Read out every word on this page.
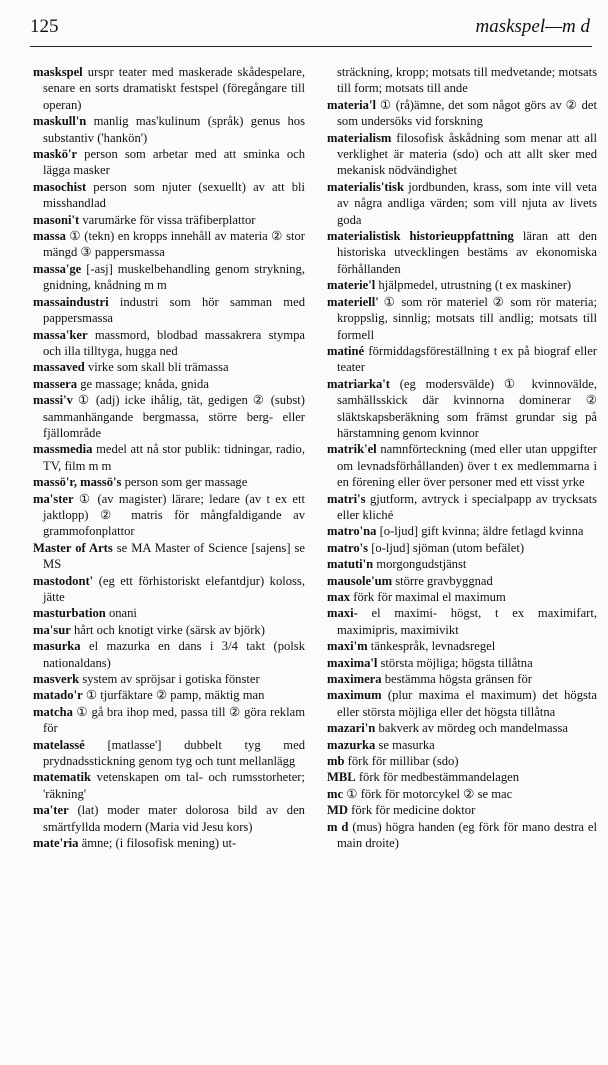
125	maskspel—m d

maskspel urspr teater med maskerade skådespelare, senare en sorts dramatiskt festspel (föregångare till operan)

maskull'n manlig mas'kulinum (språk) genus hos substantiv ('hankön')

maskö'r person som arbetar med att sminka och lägga masker

masochist person som njuter (sexuellt) av att bli misshandlad

masoni't varumärke för vissa träfiberplattor

massa ① (tekn) en kropps innehåll av materia ② stor mängd ③ pappersmassa

massa'ge [-asj] muskelbehandling genom strykning, gnidning, knådning m m

massaindustri industri som hör samman med pappersmassa

massa'ker massmord, blodbad massakrera stympa och illa tilltyga, hugga ned

massaved virke som skall bli trämassa

massera ge massage; knåda, gnida

massi'v ① (adj) icke ihålig, tät, gedigen ② (subst) sammanhängande bergmassa, större berg- eller fjällområde

massmedia medel att nå stor publik: tidningar, radio, TV, film m m

massö'r, massö's person som ger massage

ma'ster ① (av magister) lärare; ledare (av t ex ett jaktlopp) ② matris för mångfaldigande av grammofonplattor

Master of Arts se MA Master of Science [sajens] se MS

mastodont' (eg ett förhistoriskt elefantdjur) koloss, jätte

masturbation onani

ma'sur hårt och knotigt virke (särsk av björk)

masurka el mazurka en dans i 3/4 takt (polsk nationaldans)

masverk system av spröjsar i gotiska fönster

matado'r ① tjurfäktare ② pamp, mäktig man

matcha ① gå bra ihop med, passa till ② göra reklam för

matelassé [matlasse'] dubbelt tyg med prydnadsstickning genom tyg och tunt mellanlägg

matematik vetenskapen om tal- och rumsstorheter; 'räkning'

ma'ter (lat) moder mater dolorosa bild av den smärtfyllda modern (Maria vid Jesu kors)

mate'ria ämne; (i filosofisk mening) ut-

sträckning, kropp; motsats till medvetande; motsats till form; motsats till ande

materia'l ① (rå)ämne, det som något görs av ② det som undersöks vid forskning

materialism filosofisk åskådning som menar att all verklighet är materia (sdo) och att allt sker med mekanisk nödvändighet

materialis'tisk jordbunden, krass, som inte vill veta av några andliga värden; som vill njuta av livets goda

materialistisk historieuppfattning läran att den historiska utvecklingen bestäms av ekonomiska förhållanden

materie'l hjälpmedel, utrustning (t ex maskiner)

materiell' ① som rör materiel ② som rör materia; kroppslig, sinnlig; motsats till andlig; motsats till formell

matiné förmiddagsföreställning t ex på biograf eller teater

matriarka't (eg modersvälde) ① kvinnovälde, samhällsskick där kvinnorna dominerar ② släktskapsberäkning som främst grundar sig på härstamning genom kvinnor

matrik'el namnförteckning (med eller utan uppgifter om levnadsförhållanden) över t ex medlemmarna i en förening eller över personer med ett visst yrke

matri's gjutform, avtryck i specialpapp av trycksats eller kliché

matro'na [o-ljud] gift kvinna; äldre fetlagd kvinna

matro's [o-ljud] sjöman (utom befälet)

matuti'n morgongudstjänst

mausole'um större gravbyggnad

max förk för maximal el maximum

maxi- el maximi- högst, t ex maximifart, maximipris, maximivikt

maxi'm tänkespråk, levnadsregel

maxima'l största möjliga; högsta tillåtna

maximera bestämma högsta gränsen för

maximum (plur maxima el maximum) det högsta eller största möjliga eller det högsta tillåtna

mazari'n bakverk av mördeg och mandelmassa

mazurka se masurka

mb förk för millibar (sdo)

MBL förk för medbestämmandelagen

mc ① förk för motorcykel ② se mac

MD förk för medicine doktor

m d (mus) högra handen (eg förk för mano destra el main droite)
